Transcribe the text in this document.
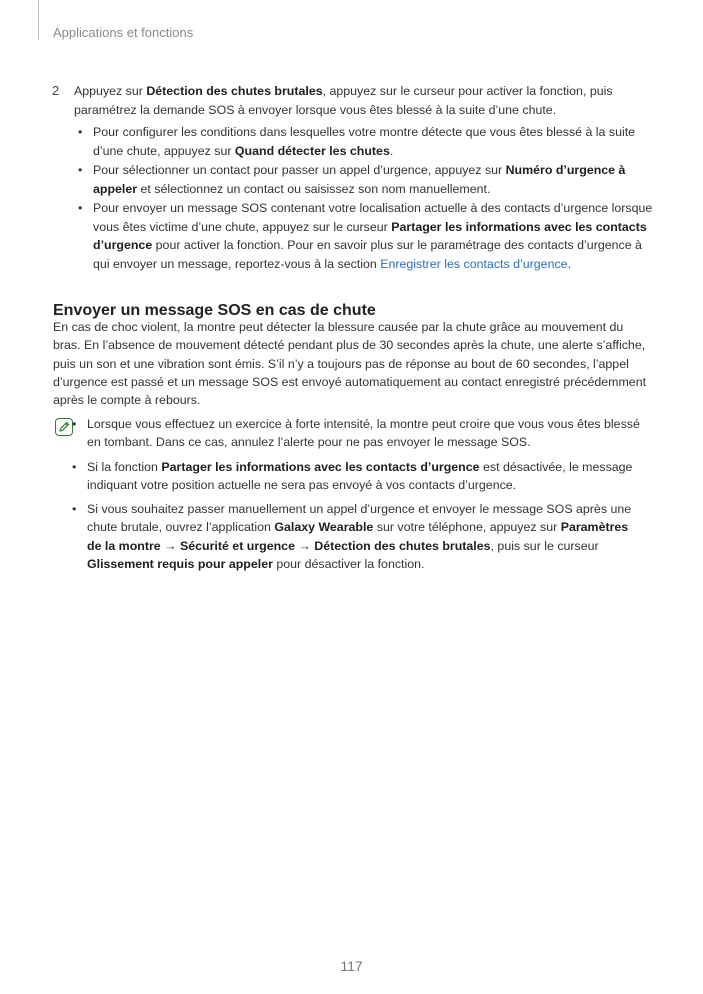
Applications et fonctions
2 Appuyez sur Détection des chutes brutales, appuyez sur le curseur pour activer la fonction, puis paramétrez la demande SOS à envoyer lorsque vous êtes blessé à la suite d’une chute.
• Pour configurer les conditions dans lesquelles votre montre détecte que vous êtes blessé à la suite d’une chute, appuyez sur Quand détecter les chutes.
• Pour sélectionner un contact pour passer un appel d’urgence, appuyez sur Numéro d’urgence à appeler et sélectionnez un contact ou saisissez son nom manuellement.
• Pour envoyer un message SOS contenant votre localisation actuelle à des contacts d’urgence lorsque vous êtes victime d’une chute, appuyez sur le curseur Partager les informations avec les contacts d’urgence pour activer la fonction. Pour en savoir plus sur le paramétrage des contacts d’urgence à qui envoyer un message, reportez-vous à la section Enregistrer les contacts d’urgence.
Envoyer un message SOS en cas de chute

En cas de choc violent, la montre peut détecter la blessure causée par la chute grâce au mouvement du bras. En l’absence de mouvement détecté pendant plus de 30 secondes après la chute, une alerte s’affiche, puis un son et une vibration sont émis. S’il n’y a toujours pas de réponse au bout de 60 secondes, l’appel d’urgence est passé et un message SOS est envoyé automatiquement au contact enregistré précédemment après le compte à rebours.

• Lorsque vous effectuez un exercice à forte intensité, la montre peut croire que vous vous êtes blessé en tombant. Dans ce cas, annulez l’alerte pour ne pas envoyer le message SOS.
• Si la fonction Partager les informations avec les contacts d’urgence est désactivée, le message indiquant votre position actuelle ne sera pas envoyé à vos contacts d’urgence.
• Si vous souhaitez passer manuellement un appel d’urgence et envoyer le message SOS après une chute brutale, ouvrez l’application Galaxy Wearable sur votre téléphone, appuyez sur Paramètres de la montre → Sécurité et urgence → Détection des chutes brutales, puis sur le curseur Glissement requis pour appeler pour désactiver la fonction.
117
